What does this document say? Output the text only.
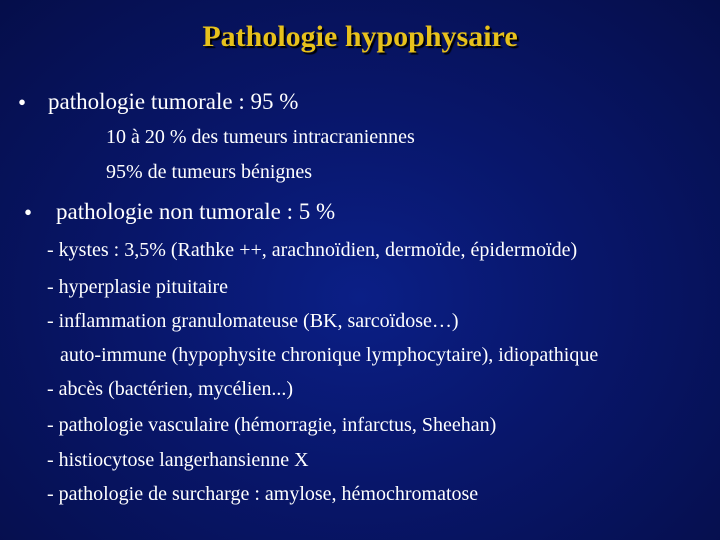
Pathologie hypophysaire
• pathologie tumorale : 95 %
10 à 20 % des tumeurs intracraniennes
95% de tumeurs bénignes
• pathologie non tumorale : 5 %
- kystes : 3,5% (Rathke ++, arachnoïdien, dermoïde, épidermoïde)
- hyperplasie pituitaire
- inflammation granulomateuse (BK, sarcoïdose…)
auto-immune (hypophysite chronique lymphocytaire), idiopathique
- abcès (bactérien, mycélien...)
- pathologie vasculaire (hémorragie, infarctus, Sheehan)
- histiocytose langerhansienne X
- pathologie de surcharge : amylose, hémochromatose
